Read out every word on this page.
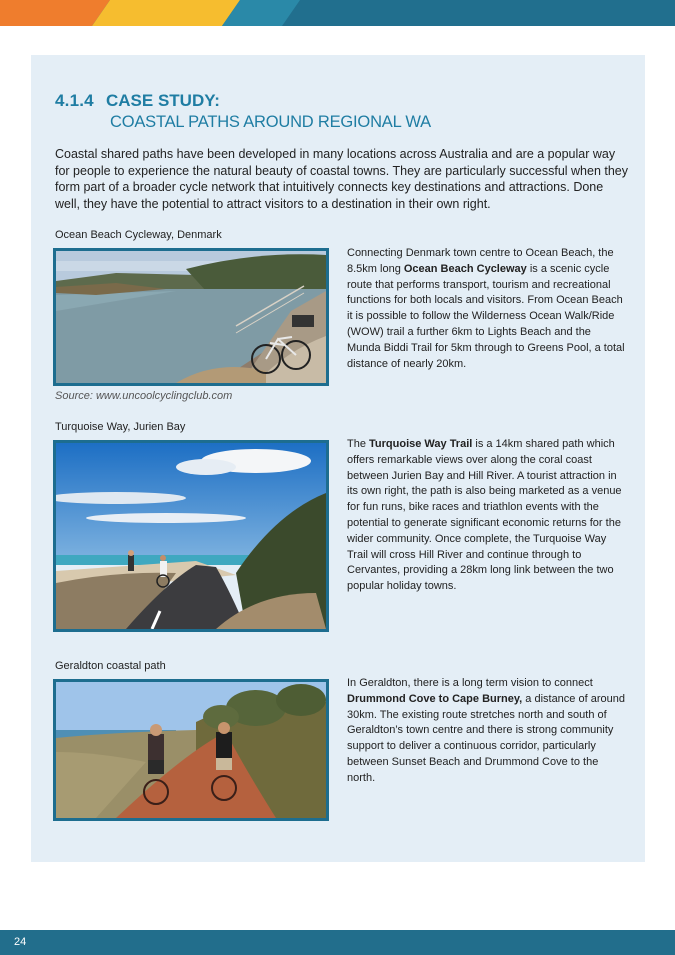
4.1.4 CASE STUDY:
COASTAL PATHS AROUND REGIONAL WA

Coastal shared paths have been developed in many locations across Australia and are a popular way for people to experience the natural beauty of coastal towns. They are particularly successful when they form part of a broader cycle network that intuitively connects key destinations and attractions. Done well, they have the potential to attract visitors to a destination in their own right.

Ocean Beach Cycleway, Denmark
Source: www.uncoolcyclingclub.com
Connecting Denmark town centre to Ocean Beach, the 8.5km long Ocean Beach Cycleway is a scenic cycle route that performs transport, tourism and recreational functions for both locals and visitors. From Ocean Beach it is possible to follow the Wilderness Ocean Walk/Ride (WOW) trail a further 6km to Lights Beach and the Munda Biddi Trail for 5km through to Greens Pool, a total distance of nearly 20km.
Turquoise Way, Jurien Bay
The Turquoise Way Trail is a 14km shared path which offers remarkable views over along the coral coast between Jurien Bay and Hill River. A tourist attraction in its own right, the path is also being marketed as a venue for fun runs, bike races and triathlon events with the potential to generate significant economic returns for the wider community. Once complete, the Turquoise Way Trail will cross Hill River and continue through to Cervantes, providing a 28km long link between the two popular holiday towns.
Geraldton coastal path
In Geraldton, there is a long term vision to connect Drummond Cove to Cape Burney, a distance of around 30km. The existing route stretches north and south of Geraldton’s town centre and there is strong community support to deliver a continuous corridor, particularly between Sunset Beach and Drummond Cove to the north.
24
